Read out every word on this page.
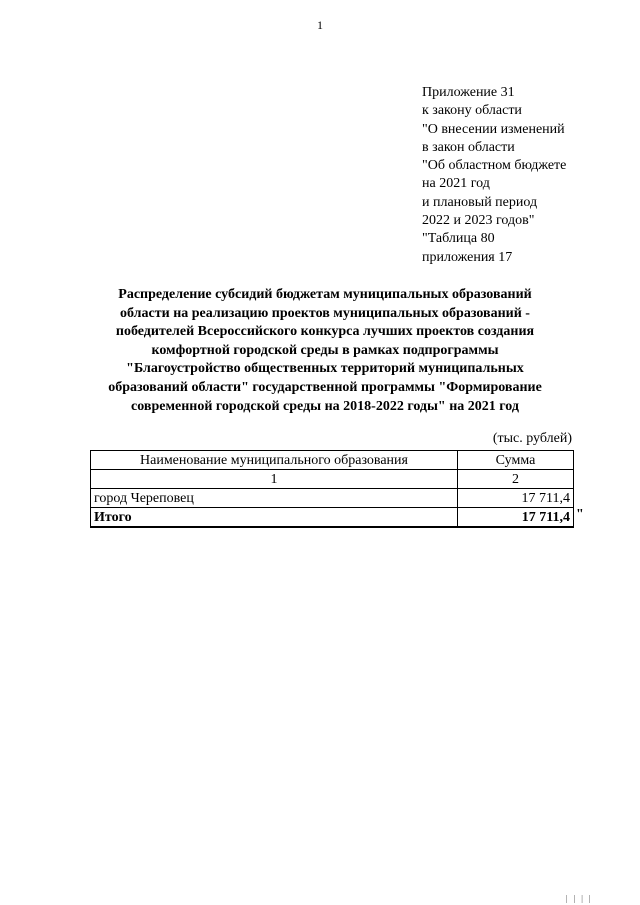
1
Приложение 31
к закону области
"О внесении изменений
в закон области
"Об областном бюджете
на 2021 год
и плановый период
2022 и 2023 годов"
"Таблица 80
приложения 17
Распределение субсидий бюджетам муниципальных образований
области на реализацию проектов муниципальных образований -
победителей Всероссийского конкурса лучших проектов создания
комфортной городской среды в рамках подпрограммы
"Благоустройство общественных территорий муниципальных
образований области" государственной программы "Формирование
современной городской среды на 2018-2022 годы" на 2021 год
(тыс. рублей)
Наименование муниципального образования	Сумма
1	2
город Череповец	17 711,4
Итого	17 711,4 "
| | | |
